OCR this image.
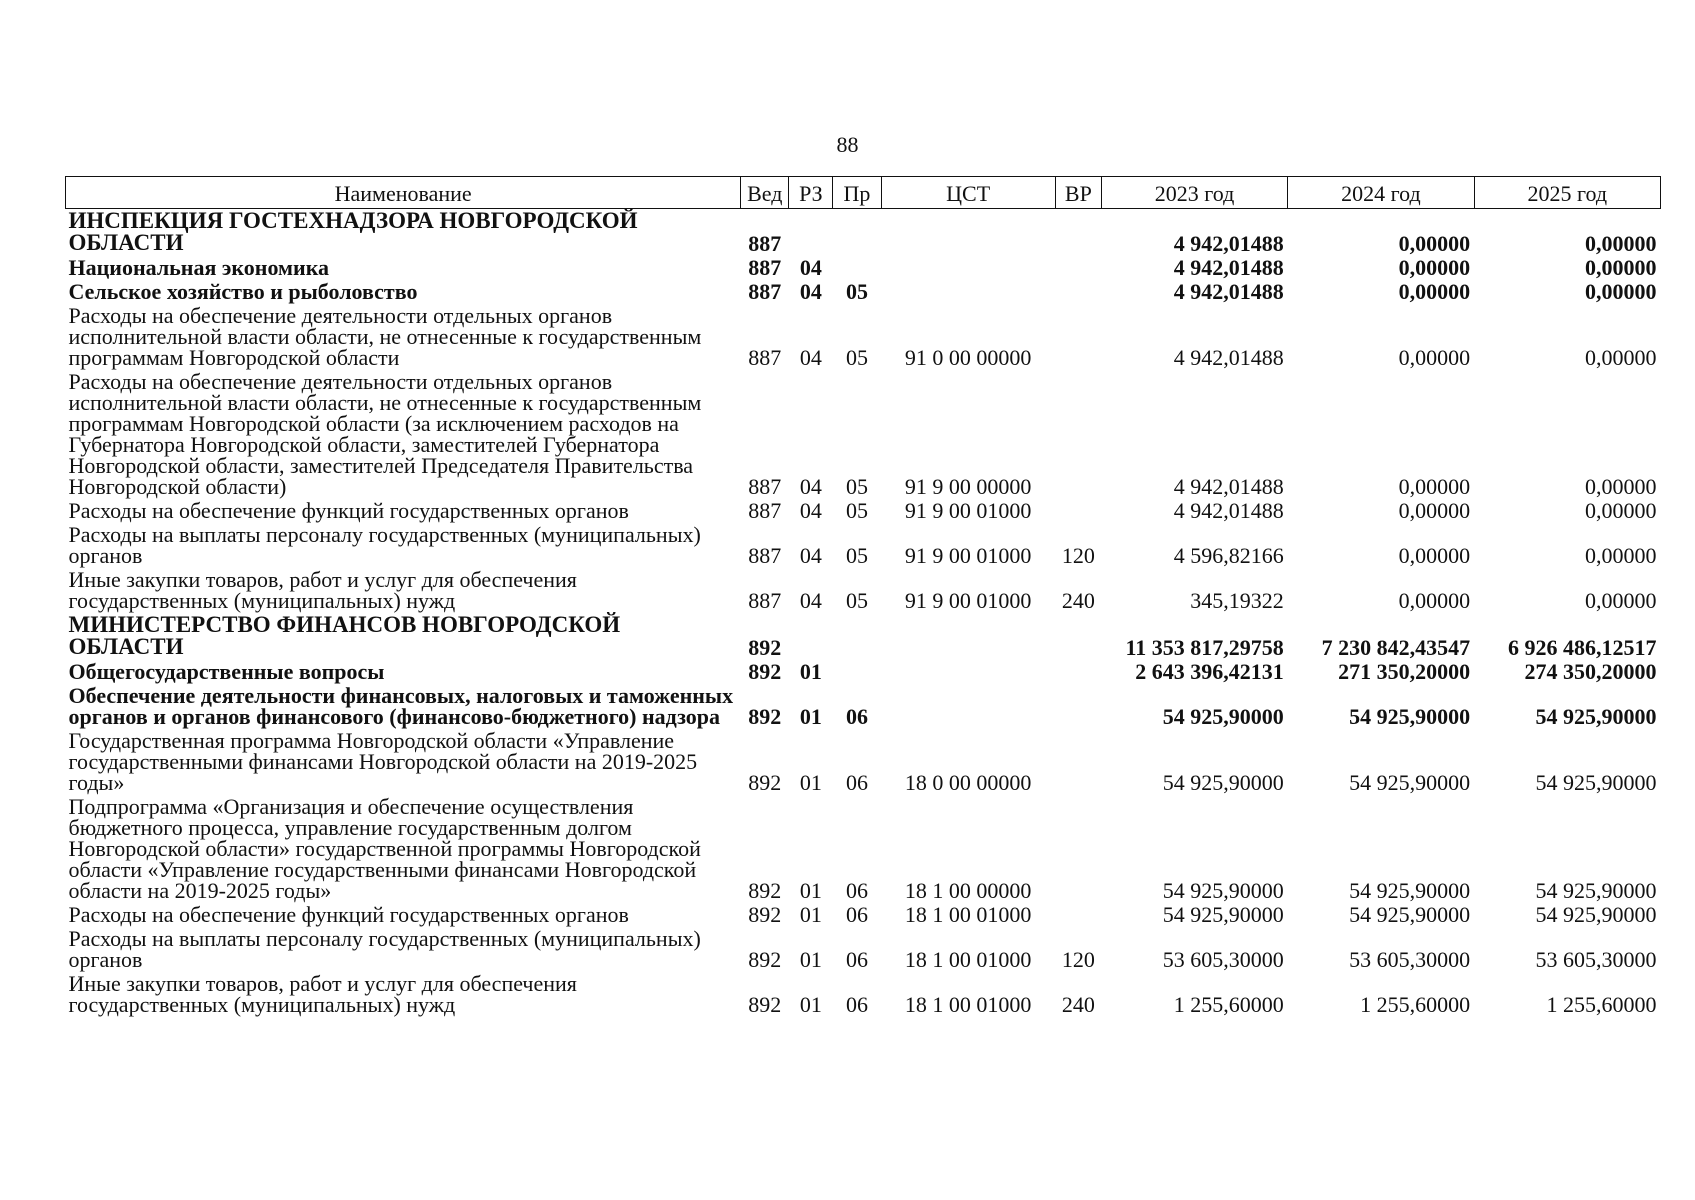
88
Наименование	Вед	РЗ	Пр	ЦСТ	ВР	2023 год	2024 год	2025 год
ИНСПЕКЦИЯ ГОСТЕХНАДЗОРА НОВГОРОДСКОЙ ОБЛАСТИ	887					4 942,01488	0,00000	0,00000
Национальная экономика	887	04				4 942,01488	0,00000	0,00000
Сельское хозяйство и рыболовство	887	04	05			4 942,01488	0,00000	0,00000
Расходы на обеспечение деятельности отдельных органов исполнительной власти области, не отнесенные к государственным программам Новгородской области	887	04	05	91 0 00 00000		4 942,01488	0,00000	0,00000
Расходы на обеспечение деятельности отдельных органов исполнительной власти области, не отнесенные к государственным программам Новгородской области (за исключением расходов на Губернатора Новгородской области, заместителей Губернатора Новгородской области, заместителей Председателя Правительства Новгородской области)	887	04	05	91 9 00 00000		4 942,01488	0,00000	0,00000
Расходы на обеспечение функций государственных органов	887	04	05	91 9 00 01000		4 942,01488	0,00000	0,00000
Расходы на выплаты персоналу государственных (муниципальных) органов	887	04	05	91 9 00 01000	120	4 596,82166	0,00000	0,00000
Иные закупки товаров, работ и услуг для обеспечения государственных (муниципальных) нужд	887	04	05	91 9 00 01000	240	345,19322	0,00000	0,00000
МИНИСТЕРСТВО ФИНАНСОВ НОВГОРОДСКОЙ ОБЛАСТИ	892					11 353 817,29758	7 230 842,43547	6 926 486,12517
Общегосударственные вопросы	892	01				2 643 396,42131	271 350,20000	274 350,20000
Обеспечение деятельности финансовых, налоговых и таможенных органов и органов финансового (финансово-бюджетного) надзора	892	01	06			54 925,90000	54 925,90000	54 925,90000
Государственная программа Новгородской области «Управление государственными финансами Новгородской области на 2019-2025 годы»	892	01	06	18 0 00 00000		54 925,90000	54 925,90000	54 925,90000
Подпрограмма «Организация и обеспечение осуществления бюджетного процесса, управление государственным долгом Новгородской области» государственной программы Новгородской области «Управление государственными финансами Новгородской области на 2019-2025 годы»	892	01	06	18 1 00 00000		54 925,90000	54 925,90000	54 925,90000
Расходы на обеспечение функций государственных органов	892	01	06	18 1 00 01000		54 925,90000	54 925,90000	54 925,90000
Расходы на выплаты персоналу государственных (муниципальных) органов	892	01	06	18 1 00 01000	120	53 605,30000	53 605,30000	53 605,30000
Иные закупки товаров, работ и услуг для обеспечения государственных (муниципальных) нужд	892	01	06	18 1 00 01000	240	1 255,60000	1 255,60000	1 255,60000
